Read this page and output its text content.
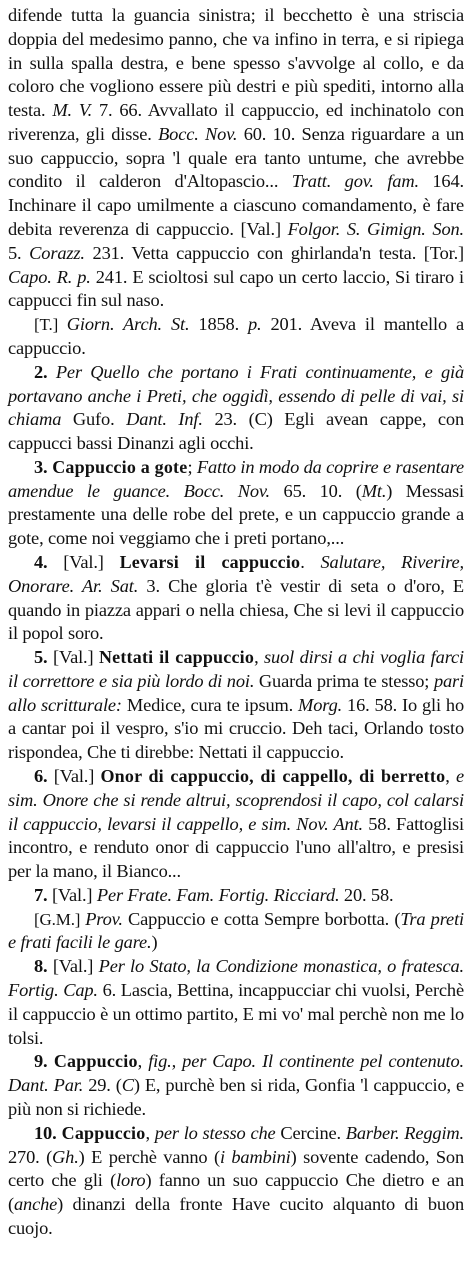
difende tutta la guancia sinistra; il becchetto è una striscia doppia del medesimo panno, che va infino in terra, e si ripiega in sulla spalla destra, e bene spesso s'avvolge al collo, e da coloro che vogliono essere più destri e più spediti, intorno alla testa. M. V. 7. 66. Avvallato il cappuccio, ed inchinatolo con riverenza, gli disse. Bocc. Nov. 60. 10. Senza riguardare a un suo cappuccio, sopra 'l quale era tanto untume, che avrebbe condito il calderon d'Altopascio... Tratt. gov. fam. 164. Inchinare il capo umilmente a ciascuno comandamento, è fare debita reverenza di cappuccio. [Val.] Folgor. S. Gimign. Son. 5. Corazz. 231. Vetta cappuccio con ghirlanda'n testa. [Tor.] Capo. R. p. 241. E scioltosi sul capo un certo laccio, Si tiraro i cappucci fin sul naso.

[T.] Giorn. Arch. St. 1858. p. 201. Aveva il mantello a cappuccio.

2. Per Quello che portano i Frati continuamente, e già portavano anche i Preti, che oggidì, essendo di pelle di vai, si chiama Gufo. Dant. Inf. 23. (C) Egli avean cappe, con cappucci bassi Dinanzi agli occhi.

3. Cappuccio a gote; Fatto in modo da coprire e rasentare amendue le guance. Bocc. Nov. 65. 10. (Mt.) Messasi prestamente una delle robe del prete, e un cappuccio grande a gote, come noi veggiamo che i preti portano,...

4. [Val.] Levarsi il cappuccio. Salutare, Riverire, Onorare. Ar. Sat. 3. Che gloria t'è vestir di seta o d'oro, E quando in piazza appari o nella chiesa, Che si levi il cappuccio il popol soro.

5. [Val.] Nettati il cappuccio, suol dirsi a chi voglia farci il correttore e sia più lordo di noi. Guarda prima te stesso; pari allo scritturale: Medice, cura te ipsum. Morg. 16. 58. Io gli ho a cantar poi il vespro, s'io mi cruccio. Deh taci, Orlando tosto rispondea, Che ti direbbe: Nettati il cappuccio.

6. [Val.] Onor di cappuccio, di cappello, di berretto, e sim. Onore che si rende altrui, scoprendosi il capo, col calarsi il cappuccio, levarsi il cappello, e sim. Nov. Ant. 58. Fattoglisi incontro, e renduto onor di cappuccio l'uno all'altro, e presisi per la mano, il Bianco...

7. [Val.] Per Frate. Fam. Fortig. Ricciard. 20. 58.

[G.M.] Prov. Cappuccio e cotta Sempre borbotta. (Tra preti e frati facili le gare.)

8. [Val.] Per lo Stato, la Condizione monastica, o fratesca. Fortig. Cap. 6. Lascia, Bettina, incappucciar chi vuolsi, Perchè il cappuccio è un ottimo partito, E mi vo' mal perchè non me lo tolsi.

9. Cappuccio, fig., per Capo. Il continente pel contenuto. Dant. Par. 29. (C) E, purchè ben si rida, Gonfia 'l cappuccio, e più non si richiede.

10. Cappuccio, per lo stesso che Cercine. Barber. Reggim. 270. (Gh.) E perchè vanno (i bambini) sovente cadendo, Son certo che gli (loro) fanno un suo cappuccio Che dietro e an (anche) dinanzi della fronte Have cucito alquanto di buon cuojo.
